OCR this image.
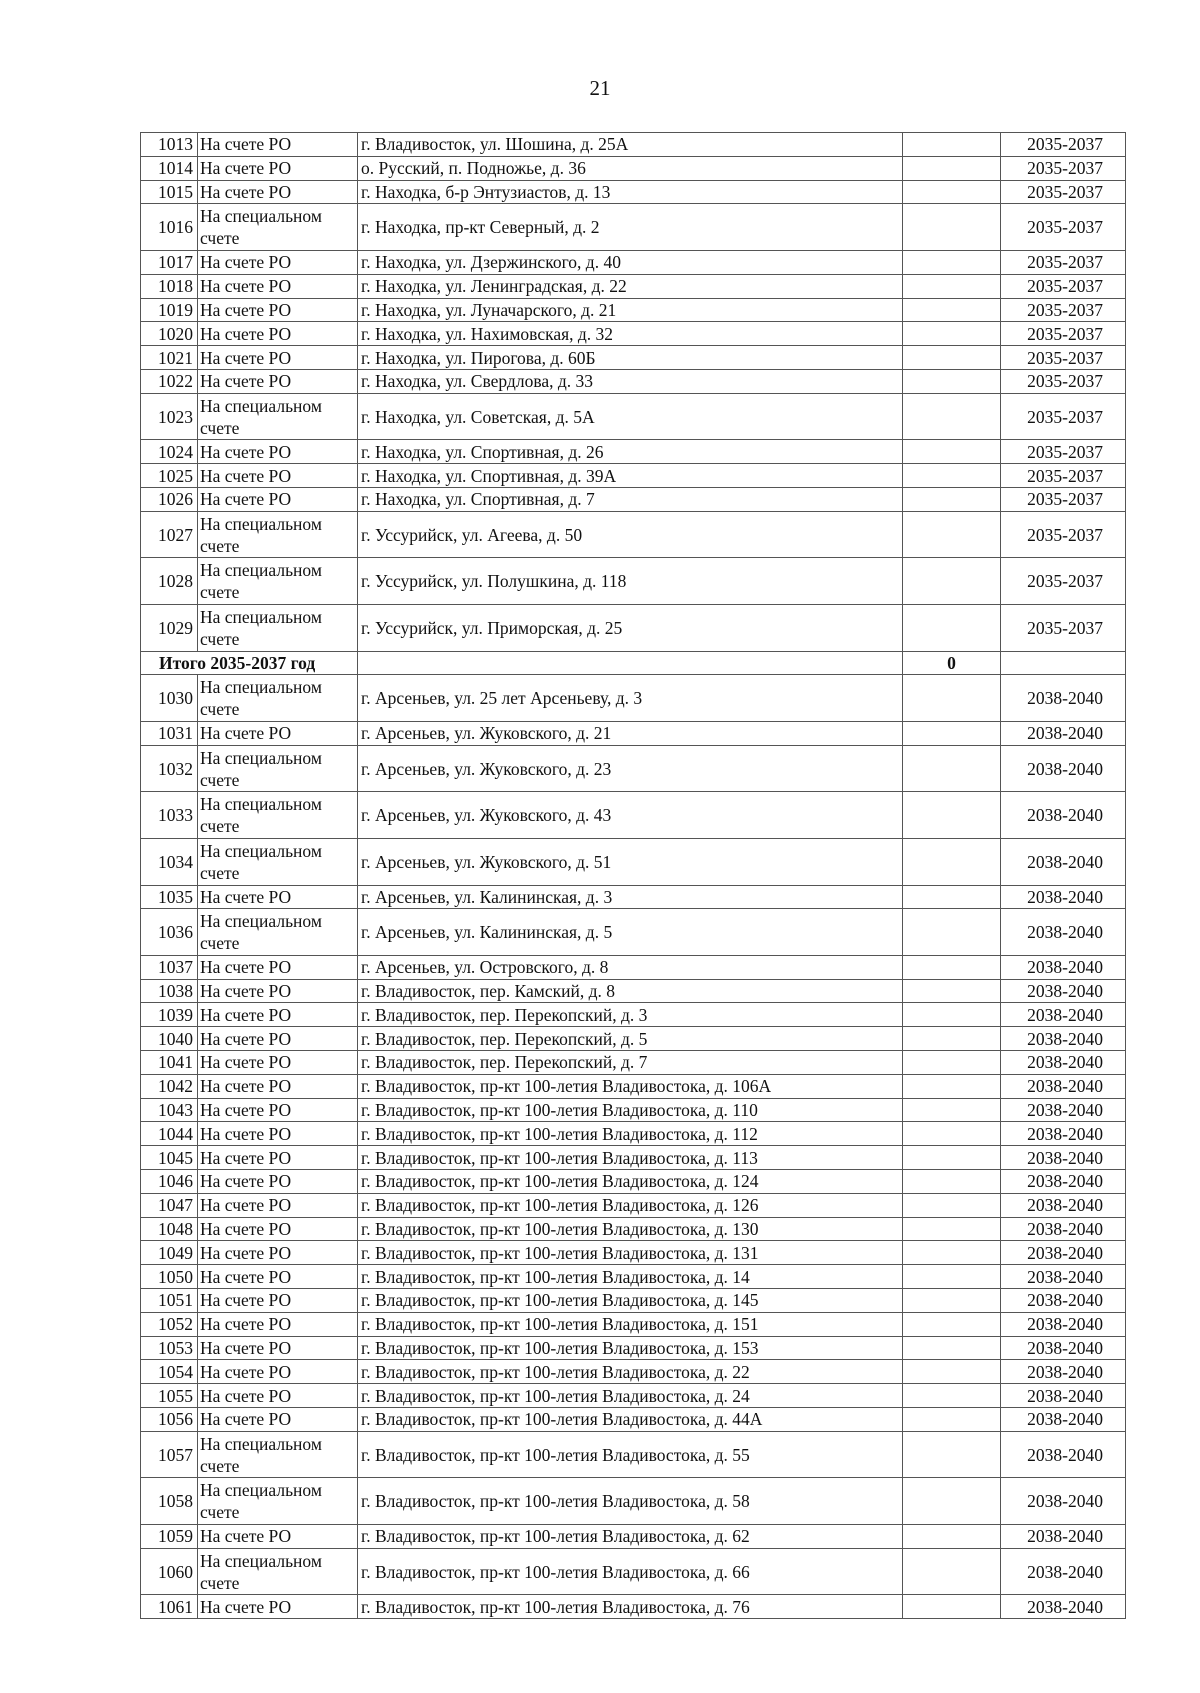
21
1013	На счете РО	г. Владивосток, ул. Шошина, д. 25А		2035-2037
1014	На счете РО	о. Русский, п. Подножье, д. 36		2035-2037
1015	На счете РО	г. Находка, б-р Энтузиастов, д. 13		2035-2037
1016	На специальном счете	г. Находка, пр-кт Северный, д. 2		2035-2037
1017	На счете РО	г. Находка, ул. Дзержинского, д. 40		2035-2037
1018	На счете РО	г. Находка, ул. Ленинградская, д. 22		2035-2037
1019	На счете РО	г. Находка, ул. Луначарского, д. 21		2035-2037
1020	На счете РО	г. Находка, ул. Нахимовская, д. 32		2035-2037
1021	На счете РО	г. Находка, ул. Пирогова, д. 60Б		2035-2037
1022	На счете РО	г. Находка, ул. Свердлова, д. 33		2035-2037
1023	На специальном счете	г. Находка, ул. Советская, д. 5А		2035-2037
1024	На счете РО	г. Находка, ул. Спортивная, д. 26		2035-2037
1025	На счете РО	г. Находка, ул. Спортивная, д. 39А		2035-2037
1026	На счете РО	г. Находка, ул. Спортивная, д. 7		2035-2037
1027	На специальном счете	г. Уссурийск, ул. Агеева, д. 50		2035-2037
1028	На специальном счете	г. Уссурийск, ул. Полушкина, д. 118		2035-2037
1029	На специальном счете	г. Уссурийск, ул. Приморская, д. 25		2035-2037
Итого 2035-2037 год			0	
1030	На специальном счете	г. Арсеньев, ул. 25 лет Арсеньеву, д. 3		2038-2040
1031	На счете РО	г. Арсеньев, ул. Жуковского, д. 21		2038-2040
1032	На специальном счете	г. Арсеньев, ул. Жуковского, д. 23		2038-2040
1033	На специальном счете	г. Арсеньев, ул. Жуковского, д. 43		2038-2040
1034	На специальном счете	г. Арсеньев, ул. Жуковского, д. 51		2038-2040
1035	На счете РО	г. Арсеньев, ул. Калининская, д. 3		2038-2040
1036	На специальном счете	г. Арсеньев, ул. Калининская, д. 5		2038-2040
1037	На счете РО	г. Арсеньев, ул. Островского, д. 8		2038-2040
1038	На счете РО	г. Владивосток, пер. Камский, д. 8		2038-2040
1039	На счете РО	г. Владивосток, пер. Перекопский, д. 3		2038-2040
1040	На счете РО	г. Владивосток, пер. Перекопский, д. 5		2038-2040
1041	На счете РО	г. Владивосток, пер. Перекопский, д. 7		2038-2040
1042	На счете РО	г. Владивосток, пр-кт 100-летия Владивостока, д. 106А		2038-2040
1043	На счете РО	г. Владивосток, пр-кт 100-летия Владивостока, д. 110		2038-2040
1044	На счете РО	г. Владивосток, пр-кт 100-летия Владивостока, д. 112		2038-2040
1045	На счете РО	г. Владивосток, пр-кт 100-летия Владивостока, д. 113		2038-2040
1046	На счете РО	г. Владивосток, пр-кт 100-летия Владивостока, д. 124		2038-2040
1047	На счете РО	г. Владивосток, пр-кт 100-летия Владивостока, д. 126		2038-2040
1048	На счете РО	г. Владивосток, пр-кт 100-летия Владивостока, д. 130		2038-2040
1049	На счете РО	г. Владивосток, пр-кт 100-летия Владивостока, д. 131		2038-2040
1050	На счете РО	г. Владивосток, пр-кт 100-летия Владивостока, д. 14		2038-2040
1051	На счете РО	г. Владивосток, пр-кт 100-летия Владивостока, д. 145		2038-2040
1052	На счете РО	г. Владивосток, пр-кт 100-летия Владивостока, д. 151		2038-2040
1053	На счете РО	г. Владивосток, пр-кт 100-летия Владивостока, д. 153		2038-2040
1054	На счете РО	г. Владивосток, пр-кт 100-летия Владивостока, д. 22		2038-2040
1055	На счете РО	г. Владивосток, пр-кт 100-летия Владивостока, д. 24		2038-2040
1056	На счете РО	г. Владивосток, пр-кт 100-летия Владивостока, д. 44А		2038-2040
1057	На специальном счете	г. Владивосток, пр-кт 100-летия Владивостока, д. 55		2038-2040
1058	На специальном счете	г. Владивосток, пр-кт 100-летия Владивостока, д. 58		2038-2040
1059	На счете РО	г. Владивосток, пр-кт 100-летия Владивостока, д. 62		2038-2040
1060	На специальном счете	г. Владивосток, пр-кт 100-летия Владивостока, д. 66		2038-2040
1061	На счете РО	г. Владивосток, пр-кт 100-летия Владивостока, д. 76		2038-2040
